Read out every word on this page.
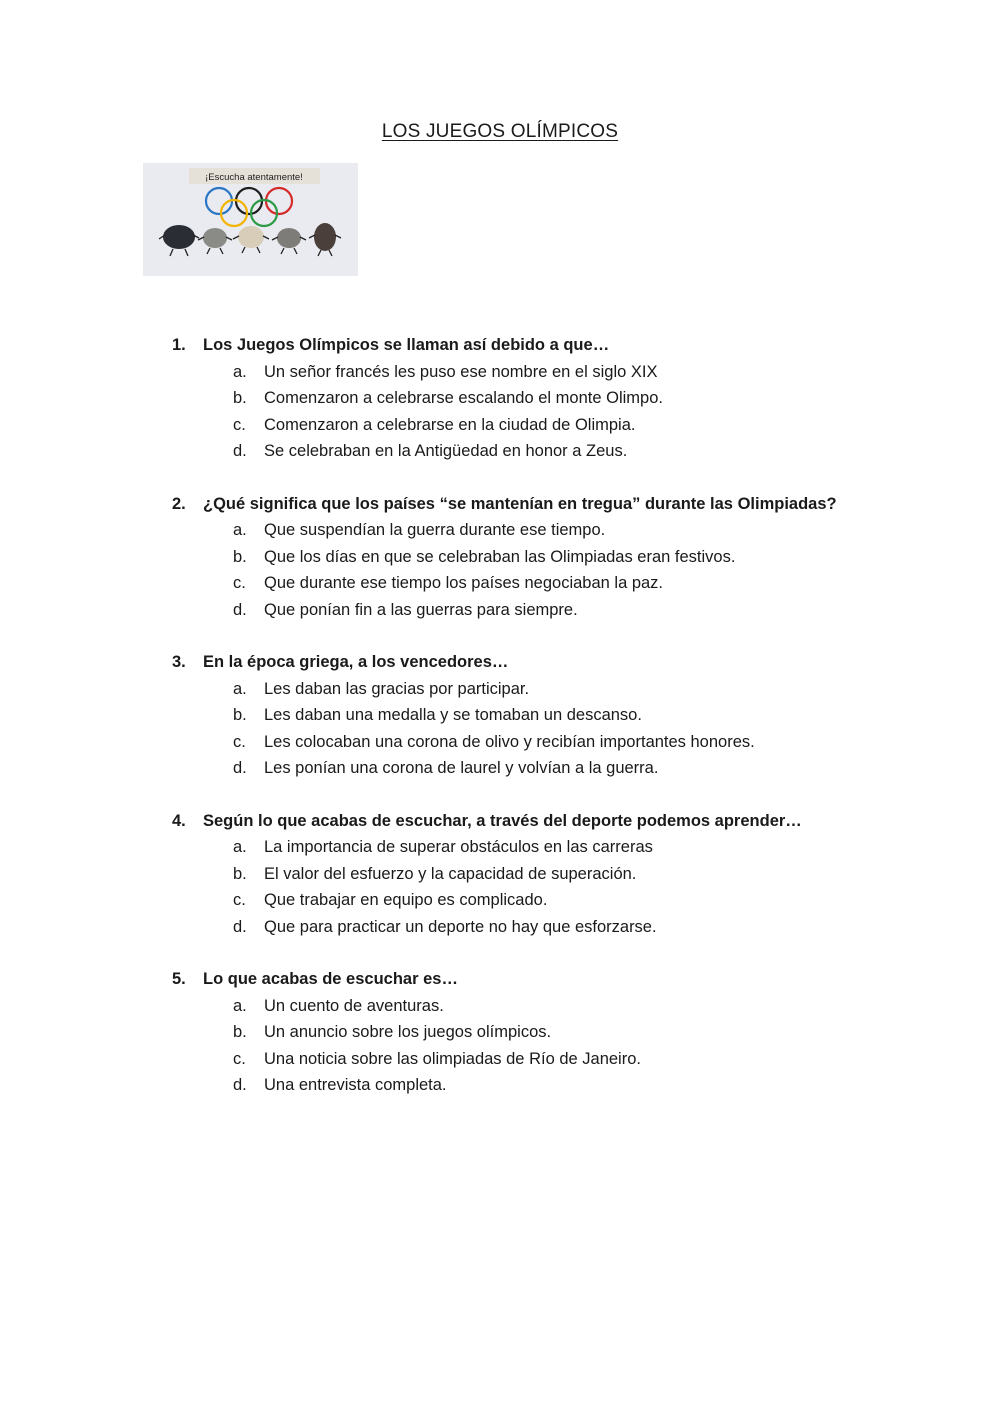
LOS JUEGOS OLÍMPICOS
¡Escucha atentamente!
1.	Los Juegos Olímpicos se llaman así debido a que…
a.	Un señor francés les puso ese nombre en el siglo XIX
b.	Comenzaron a celebrarse escalando el monte Olimpo.
c.	Comenzaron a celebrarse en la ciudad de Olimpia.
d.	Se celebraban en la Antigüedad en honor a Zeus.
2.	¿Qué significa que los países “se mantenían en tregua” durante las Olimpiadas?
a.	Que suspendían la guerra durante ese tiempo.
b.	Que los días en que se celebraban las Olimpiadas eran festivos.
c.	Que durante ese tiempo los países negociaban la paz.
d.	Que ponían fin a las guerras para siempre.
3.	En la época griega, a los vencedores…
a.	Les daban las gracias por participar.
b.	Les daban una medalla y se tomaban un descanso.
c.	Les colocaban una corona de olivo y recibían importantes honores.
d.	Les ponían una corona de laurel y volvían a la guerra.
4.	Según lo que acabas de escuchar, a través del deporte podemos aprender…
a.	La importancia de superar obstáculos en las carreras
b.	El valor del esfuerzo y la capacidad de superación.
c.	Que trabajar en equipo es complicado.
d.	Que para practicar un deporte no hay que esforzarse.
5.	Lo que acabas de escuchar es…
a.	Un cuento de aventuras.
b.	Un anuncio sobre los juegos olímpicos.
c.	Una noticia sobre las olimpiadas de Río de Janeiro.
d.	Una entrevista completa.
